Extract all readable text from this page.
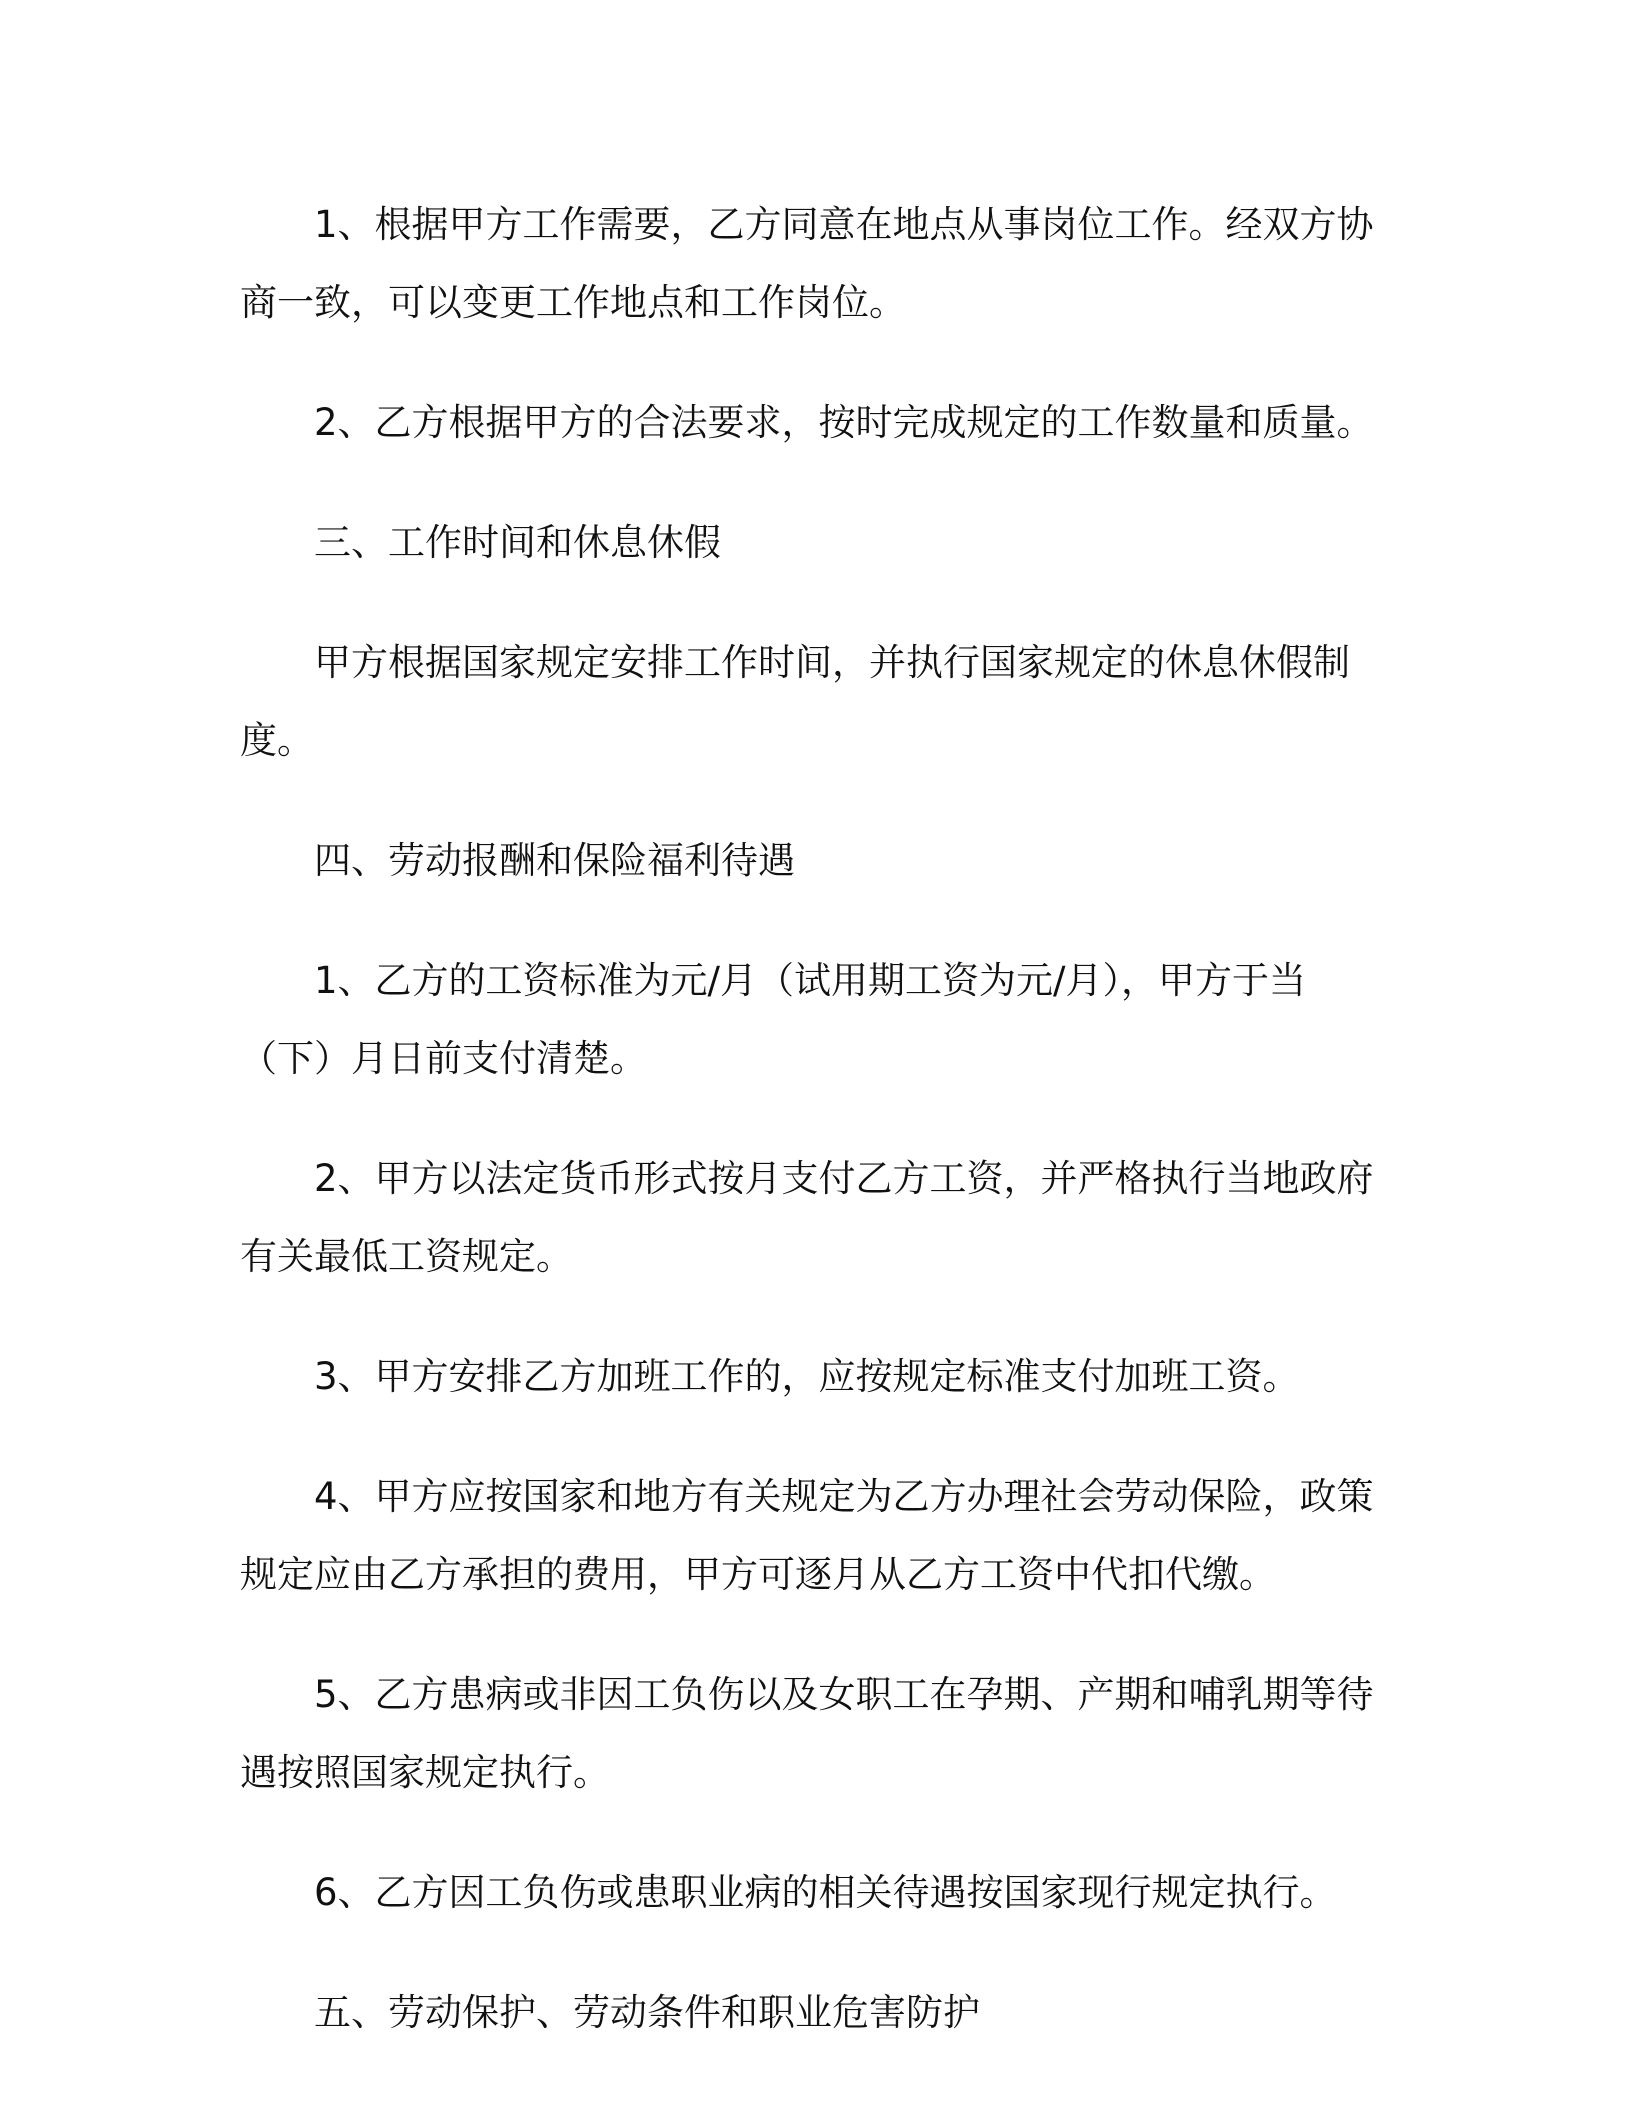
1、根据甲方工作需要，乙方同意在地点从事岗位工作。经双方协商一致，可以变更工作地点和工作岗位。

2、乙方根据甲方的合法要求，按时完成规定的工作数量和质量。

三、工作时间和休息休假

甲方根据国家规定安排工作时间，并执行国家规定的休息休假制度。

四、劳动报酬和保险福利待遇

1、乙方的工资标准为元/月（试用期工资为元/月），甲方于当（下）月日前支付清楚。

2、甲方以法定货币形式按月支付乙方工资，并严格执行当地政府有关最低工资规定。

3、甲方安排乙方加班工作的，应按规定标准支付加班工资。

4、甲方应按国家和地方有关规定为乙方办理社会劳动保险，政策规定应由乙方承担的费用，甲方可逐月从乙方工资中代扣代缴。

5、乙方患病或非因工负伤以及女职工在孕期、产期和哺乳期等待遇按照国家规定执行。

6、乙方因工负伤或患职业病的相关待遇按国家现行规定执行。

五、劳动保护、劳动条件和职业危害防护
